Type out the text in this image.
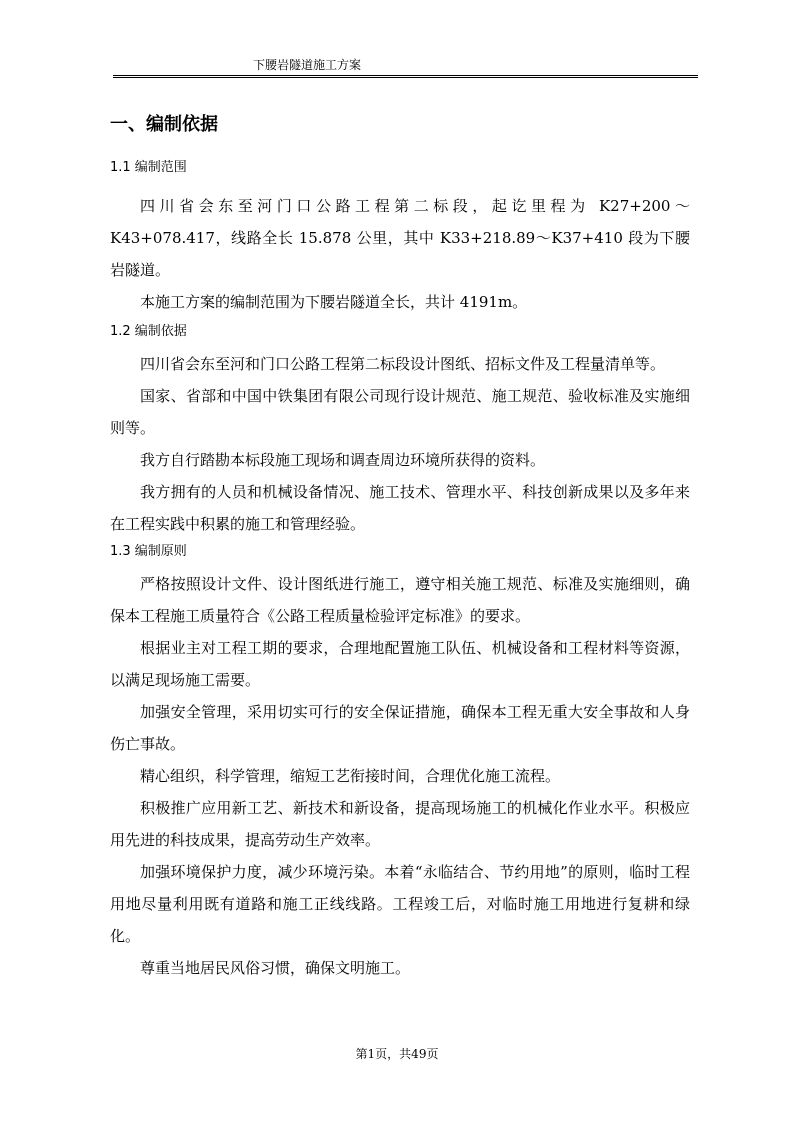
下腰岩隧道施工方案
一、编制依据
1.1 编制范围

四川省会东至河门口公路工程第二标段，起讫里程为 K27+200～K43+078.417，线路全长 15.878 公里，其中 K33+218.89～K37+410 段为下腰岩隧道。

本施工方案的编制范围为下腰岩隧道全长，共计 4191m。

1.2 编制依据

四川省会东至河和门口公路工程第二标段设计图纸、招标文件及工程量清单等。

国家、省部和中国中铁集团有限公司现行设计规范、施工规范、验收标准及实施细则等。

我方自行踏勘本标段施工现场和调查周边环境所获得的资料。

我方拥有的人员和机械设备情况、施工技术、管理水平、科技创新成果以及多年来在工程实践中积累的施工和管理经验。

1.3 编制原则

严格按照设计文件、设计图纸进行施工，遵守相关施工规范、标准及实施细则，确保本工程施工质量符合《公路工程质量检验评定标准》的要求。

根据业主对工程工期的要求，合理地配置施工队伍、机械设备和工程材料等资源，以满足现场施工需要。

加强安全管理，采用切实可行的安全保证措施，确保本工程无重大安全事故和人身伤亡事故。

精心组织，科学管理，缩短工艺衔接时间，合理优化施工流程。

积极推广应用新工艺、新技术和新设备，提高现场施工的机械化作业水平。积极应用先进的科技成果，提高劳动生产效率。

加强环境保护力度，减少环境污染。本着“永临结合、节约用地”的原则，临时工程用地尽量利用既有道路和施工正线线路。工程竣工后，对临时施工用地进行复耕和绿化。

尊重当地居民风俗习惯，确保文明施工。

第1页，共49页
